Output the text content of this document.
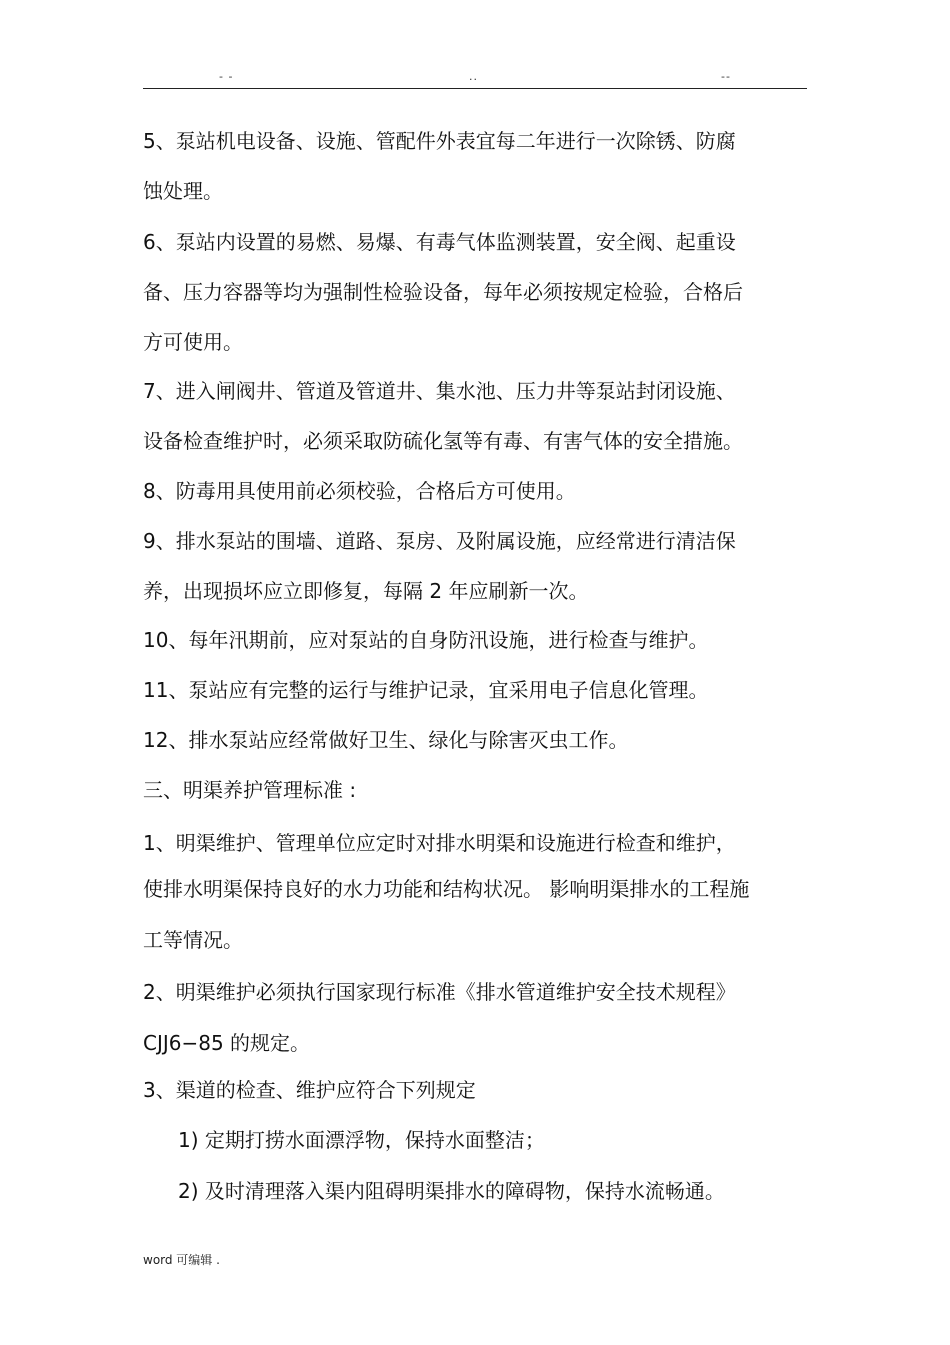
- -	..	--
5、泵站机电设备、设施、管配件外表宜每二年进行一次除锈、防腐
蚀处理。
6、泵站内设置的易燃、易爆、有毒气体监测装置，安全阀、起重设
备、压力容器等均为强制性检验设备，每年必须按规定检验，合格后
方可使用。
7、进入闸阀井、管道及管道井、集水池、压力井等泵站封闭设施、
设备检查维护时，必须采取防硫化氢等有毒、有害气体的安全措施。
8、防毒用具使用前必须校验，合格后方可使用。
9、排水泵站的围墙、道路、泵房、及附属设施，应经常进行清洁保
养，出现损坏应立即修复，每隔 2 年应刷新一次。
10、每年汛期前，应对泵站的自身防汛设施，进行检查与维护。
11、泵站应有完整的运行与维护记录，宜采用电子信息化管理。
12、排水泵站应经常做好卫生、绿化与除害灭虫工作。
三、明渠养护管理标准 :
1、明渠维护、管理单位应定时对排水明渠和设施进行检查和维护，
使排水明渠保持良好的水力功能和结构状况。 影响明渠排水的工程施
工等情况。
2、明渠维护必须执行国家现行标准《排水管道维护安全技术规程》
CJJ6−85 的规定。
3、渠道的检查、维护应符合下列规定
1) 定期打捞水面漂浮物，保持水面整洁；
2) 及时清理落入渠内阻碍明渠排水的障碍物，保持水流畅通。
word 可编辑 .
